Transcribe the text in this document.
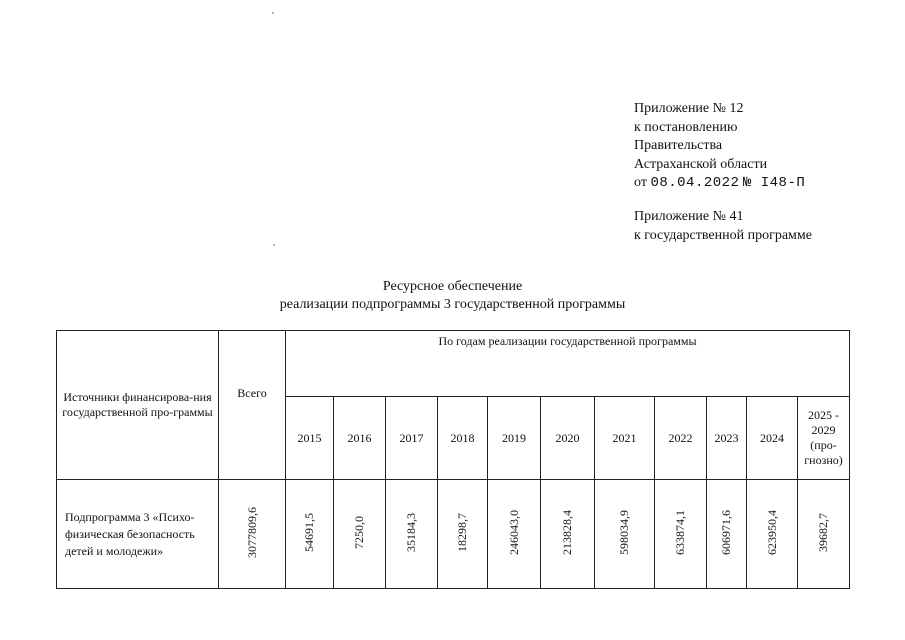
Приложение № 12
к постановлению
Правительства
Астраханской области
от 08.04.2022 № I48-П
Приложение № 41
к государственной программе
Ресурсное обеспечение
реализации подпрограммы 3 государственной программы
Источники финансирова-ния государственной про-граммы	Всего	По годам реализации государственной программы										
		2015	2016	2017	2018	2019	2020	2021	2022	2023	2024	2025 - 2029 (про-гнозно)
Подпрограмма 3 «Психо-физическая безопасность детей и молодежи»	3077809,6	54691,5	7250,0	35184,3	18298,7	246043,0	213828,4	598034,9	633874,1	606971,6	623950,4	39682,7
